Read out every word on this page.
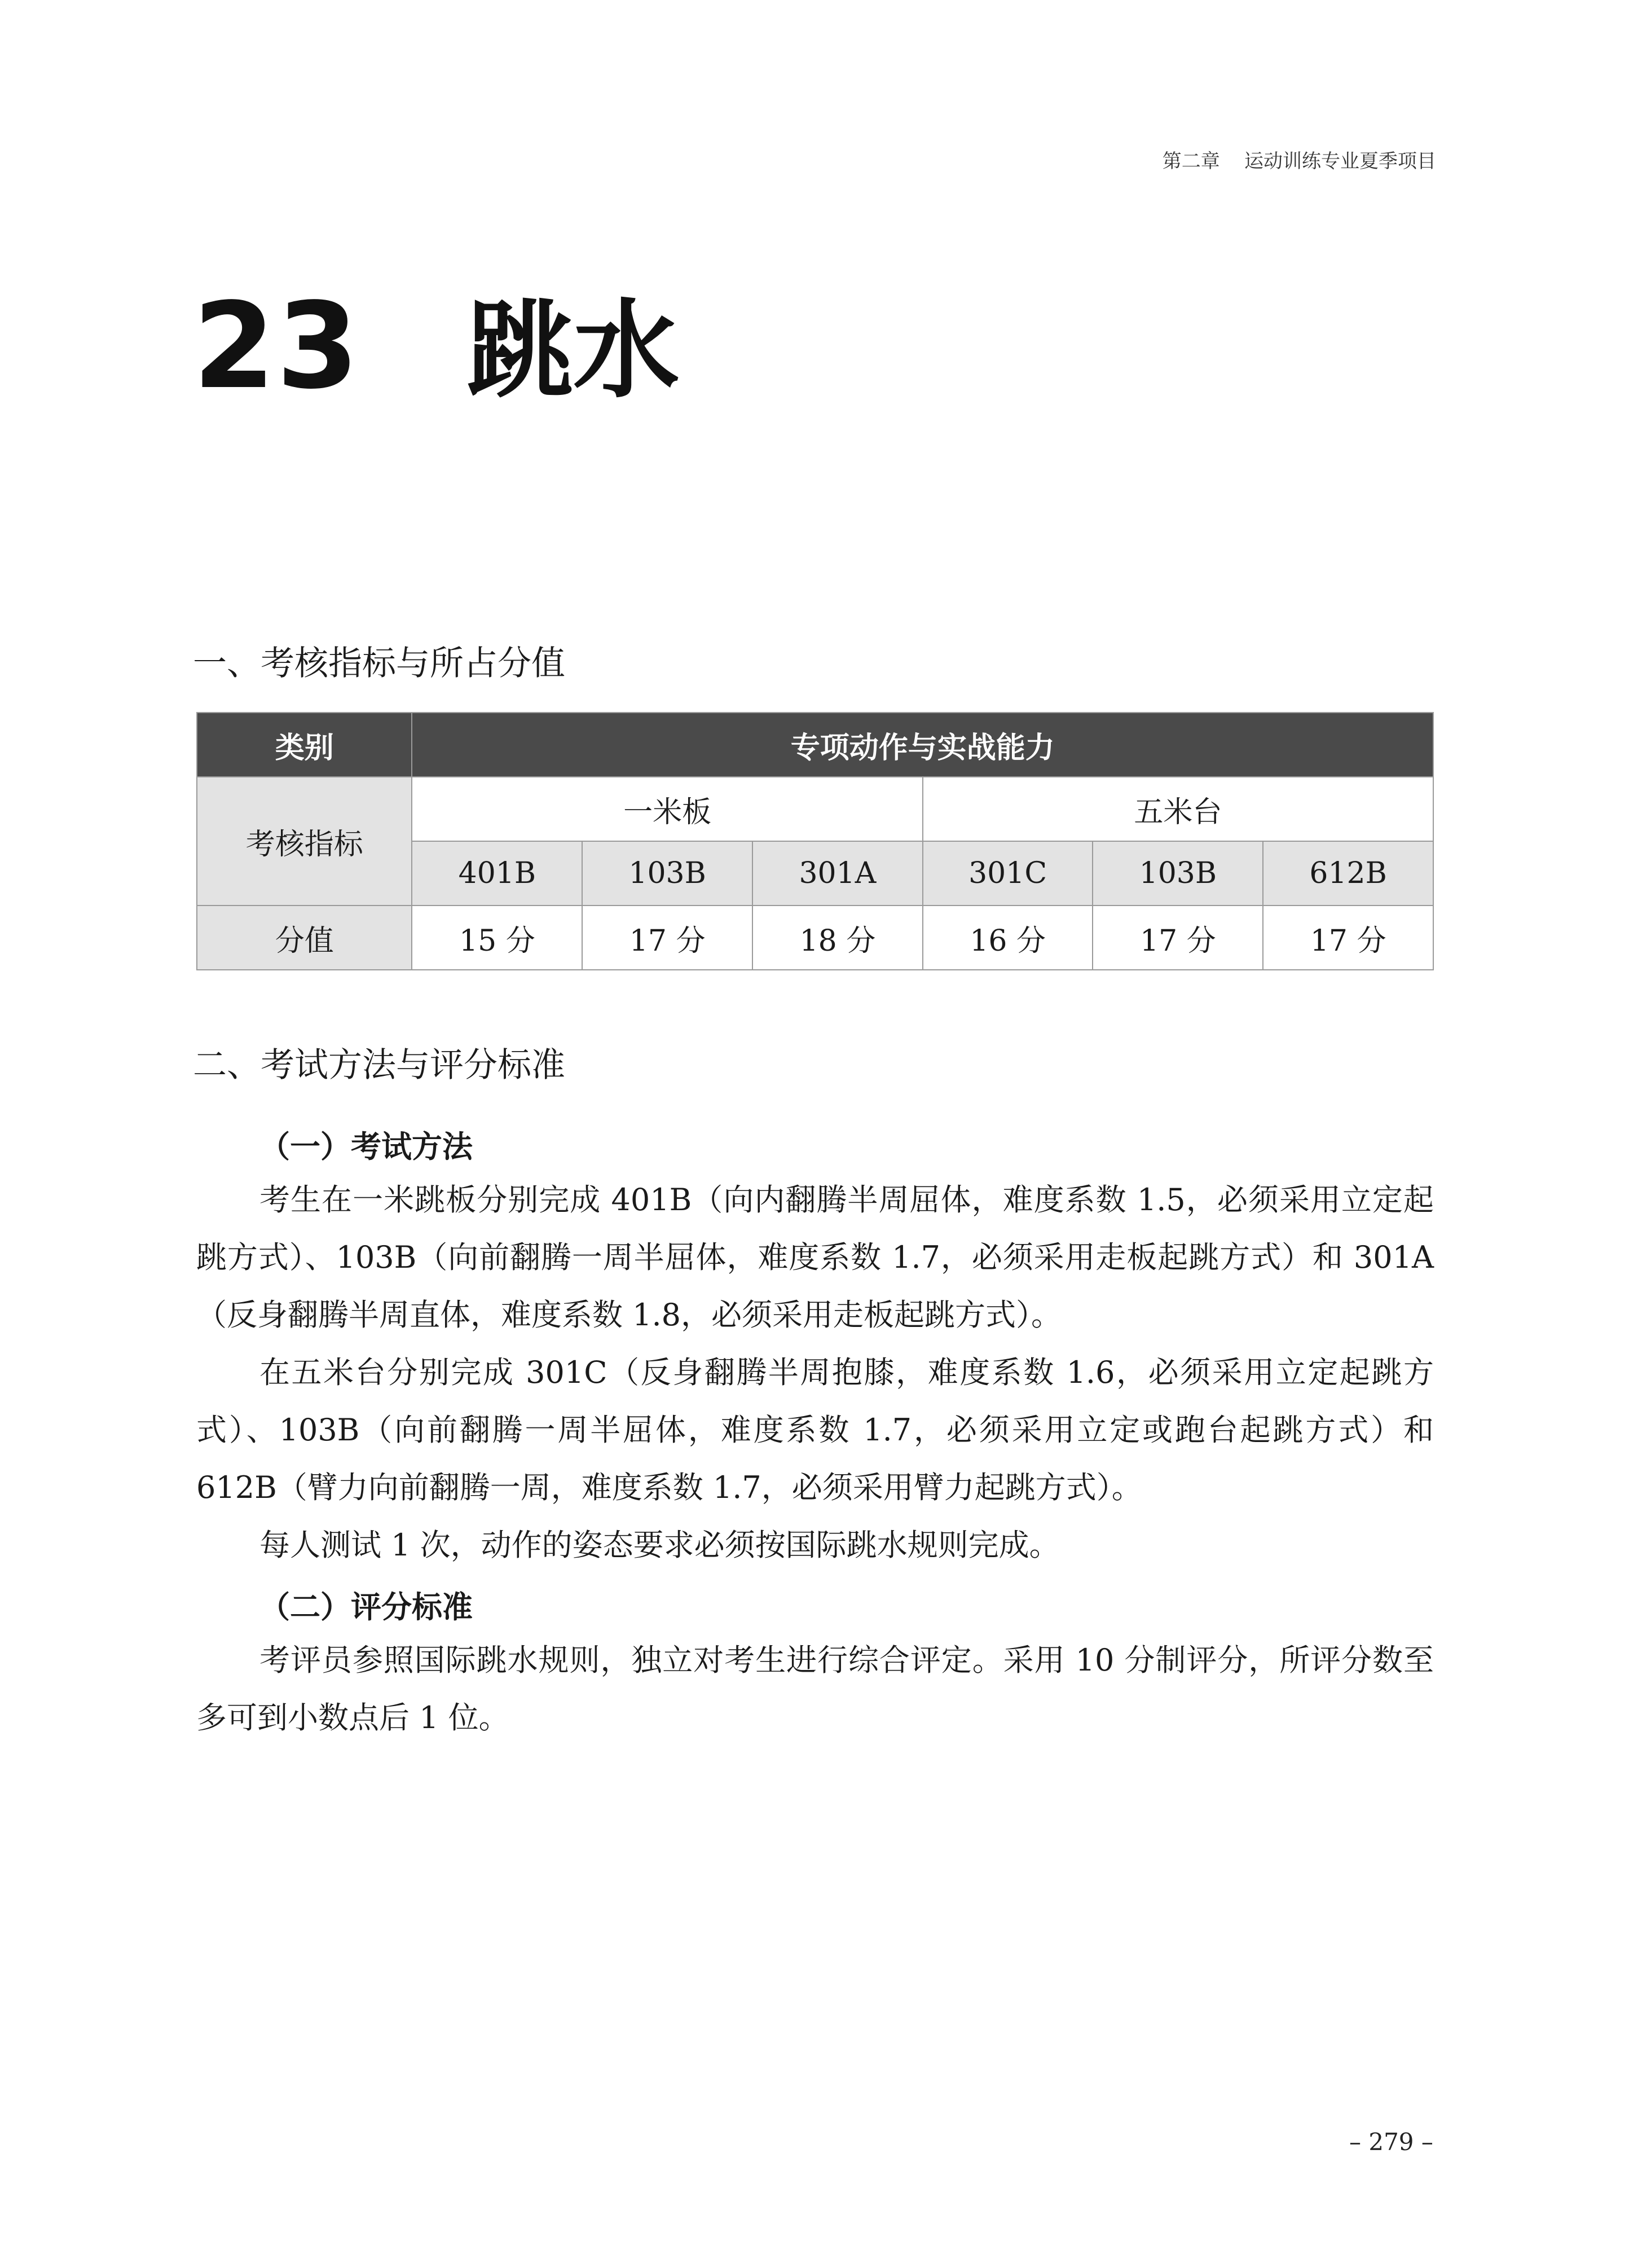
第二章    运动训练专业夏季项目
23 跳水
一、考核指标与所占分值
类别	专项动作与实战能力					
考核指标	一米板			五米台		
	401B	103B	301A	301C	103B	612B
分值	15 分	17 分	18 分	16 分	17 分	17 分
二、考试方法与评分标准
（一）考试方法

考生在一米跳板分别完成 401B（向内翻腾半周屈体，难度系数 1.5，必须采用立定起跳方式）、103B（向前翻腾一周半屈体，难度系数 1.7，必须采用走板起跳方式）和 301A（反身翻腾半周直体，难度系数 1.8，必须采用走板起跳方式）。

在五米台分别完成 301C（反身翻腾半周抱膝，难度系数 1.6，必须采用立定起跳方式）、103B（向前翻腾一周半屈体，难度系数 1.7，必须采用立定或跑台起跳方式）和 612B（臂力向前翻腾一周，难度系数 1.7，必须采用臂力起跳方式）。

每人测试 1 次，动作的姿态要求必须按国际跳水规则完成。

（二）评分标准

考评员参照国际跳水规则，独立对考生进行综合评定。采用 10 分制评分，所评分数至多可到小数点后 1 位。

– 279 –
